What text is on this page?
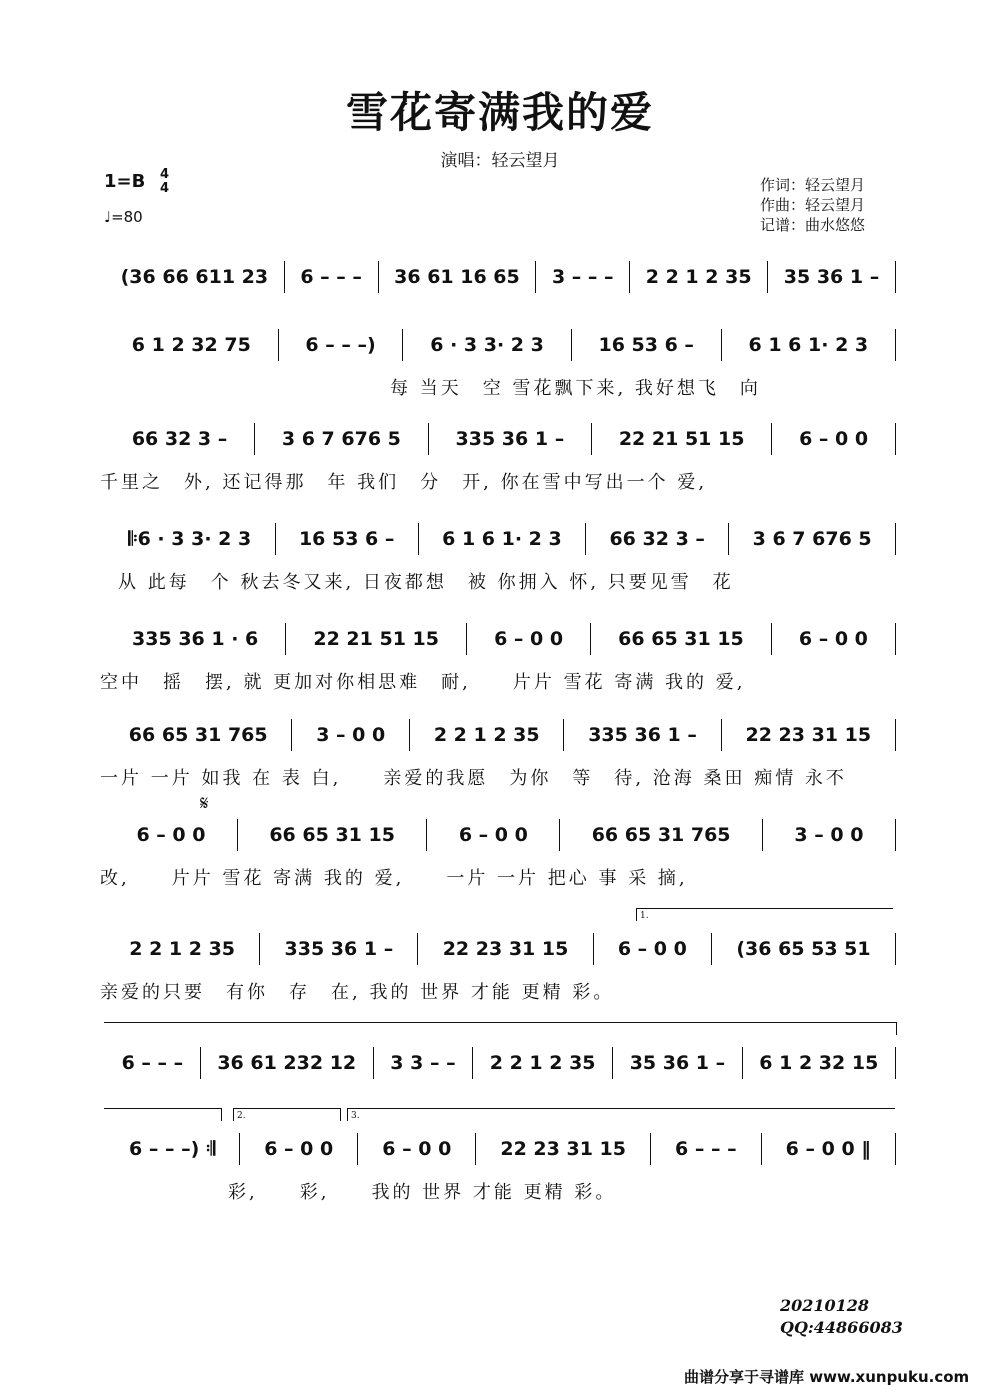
雪花寄满我的爱
演唱：轻云望月
1=B 4
4
♩=80
作词：轻云望月
作曲：轻云望月
记谱：曲水悠悠
(36 66 611 23 6 – – – 36 61 16 65 3 – – – 2 2 1 2 35 35 36 1 –
6 1 2 32 75	6 – – –)	6 · 3 3· 2 3	16 53 6 –	6 1 6 1· 2 3
每 当天　空 雪花飘下来, 我好想飞　向
66 32 3 –	3 6 7 676 5	335 36 1 –	22 21 51 15	6 – 0 0
千里之　外, 还记得那　年 我们　分　开, 你在雪中写出一个 爱,
𝄆6 · 3 3· 2 3	16 53 6 –	6 1 6 1· 2 3	66 32 3 –	3 6 7 676 5
从 此每　个 秋去冬又来, 日夜都想　被 你拥入 怀, 只要见雪　花
335 36 1 · 6	22 21 51 15	6 – 0 0	66 65 31 15	6 – 0 0
空中　摇　摆, 就 更加对你相思难　耐,　　片片 雪花 寄满 我的 爱,
66 65 31 765	3 – 0 0	2 2 1 2 35	335 36 1 –	22 23 31 15
一片 一片 如我 在 表 白,　　亲爱的我愿　为你　等　待, 沧海 桑田 痴情 永不
6 – 0 0	66 65 31 15	6 – 0 0	66 65 31 765	3 – 0 0
改,　　片片 雪花 寄满 我的 爱,　　一片 一片 把心 事 采 摘,
2 2 1 2 35	335 36 1 –	22 23 31 15	6 – 0 0	(36 65 53 51
亲爱的只要　有你　存　在, 我的 世界 才能 更精 彩。
6 – – – 36 61 232 12 3 3 – – 2 2 1 2 35 35 36 1 – 6 1 2 32 15
6 – – –) 𝄇	6 – 0 0	6 – 0 0	22 23 31 15	6 – – –	6 – 0 0 ‖
彩,　　彩,　　我的 世界 才能 更精 彩。
𝄋
1.
2.	3.
20210128
QQ:44866083
曲谱分享于寻谱库 www.xunpuku.com
